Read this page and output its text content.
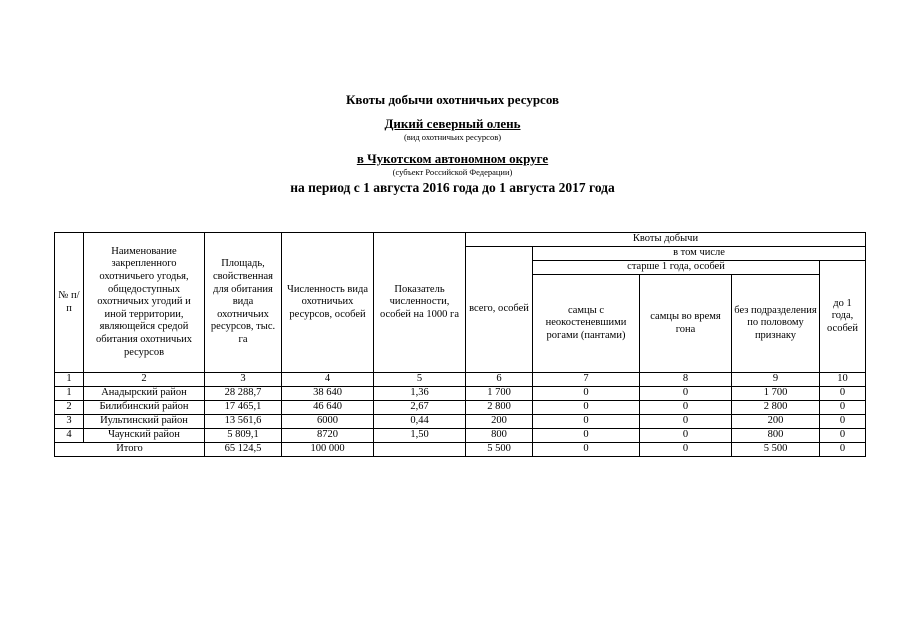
Квоты добычи охотничьих ресурсов
Дикий северный олень
(вид охотничьих ресурсов)
в Чукотском автономном округе
(субъект Российской Федерации)
на период с 1 августа 2016 года до 1 августа 2017 года
№ п/п	Наименование закрепленного охотничьего угодья, общедоступных охотничьих угодий и иной территории, являющейся средой обитания охотничьих ресурсов	Площадь, свойственная для обитания вида охотничьих ресурсов, тыс. га	Численность вида охотничьих ресурсов, особей	Показатель численности, особей на 1000 га	Квоты добычи				
					всего, особей	в том числе			
						старше 1 года, особей			до 1 года, особей
						самцы с неокостеневшими рогами (пантами)	самцы во время гона	без подразделения по половому признаку	
1	2	3	4	5	6	7	8	9	10
1	Анадырский район	28 288,7	38 640	1,36	1 700	0	0	1 700	0
2	Билибинский район	17 465,1	46 640	2,67	2 800	0	0	2 800	0
3	Иультинский район	13 561,6	6000	0,44	200	0	0	200	0
4	Чаунский район	5 809,1	8720	1,50	800	0	0	800	0
Итого		65 124,5	100 000		5 500	0	0	5 500	0
